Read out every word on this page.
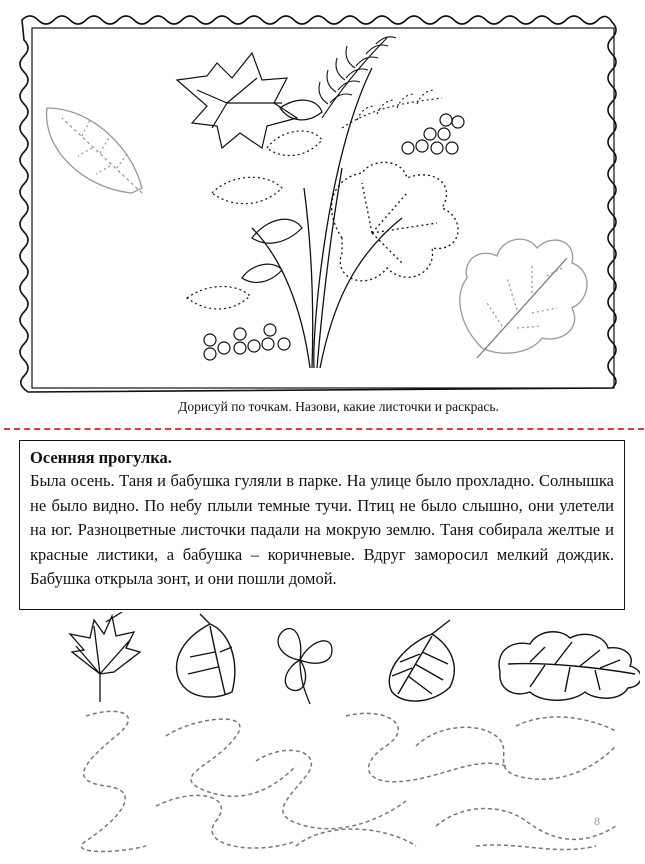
Дорисуй по точкам. Назови, какие листочки и раскрась.
Осенняя прогулка.

Была осень. Таня и бабушка гуляли в парке. На улице было прохладно. Солнышка не было видно. По небу плыли темные тучи. Птиц не было слышно, они улетели на юг. Разноцветные листочки падали на мокрую землю. Таня собирала желтые и красные листики, а бабушка – коричневые. Вдруг заморосил мелкий дождик. Бабушка открыла зонт, и они пошли домой.

8
